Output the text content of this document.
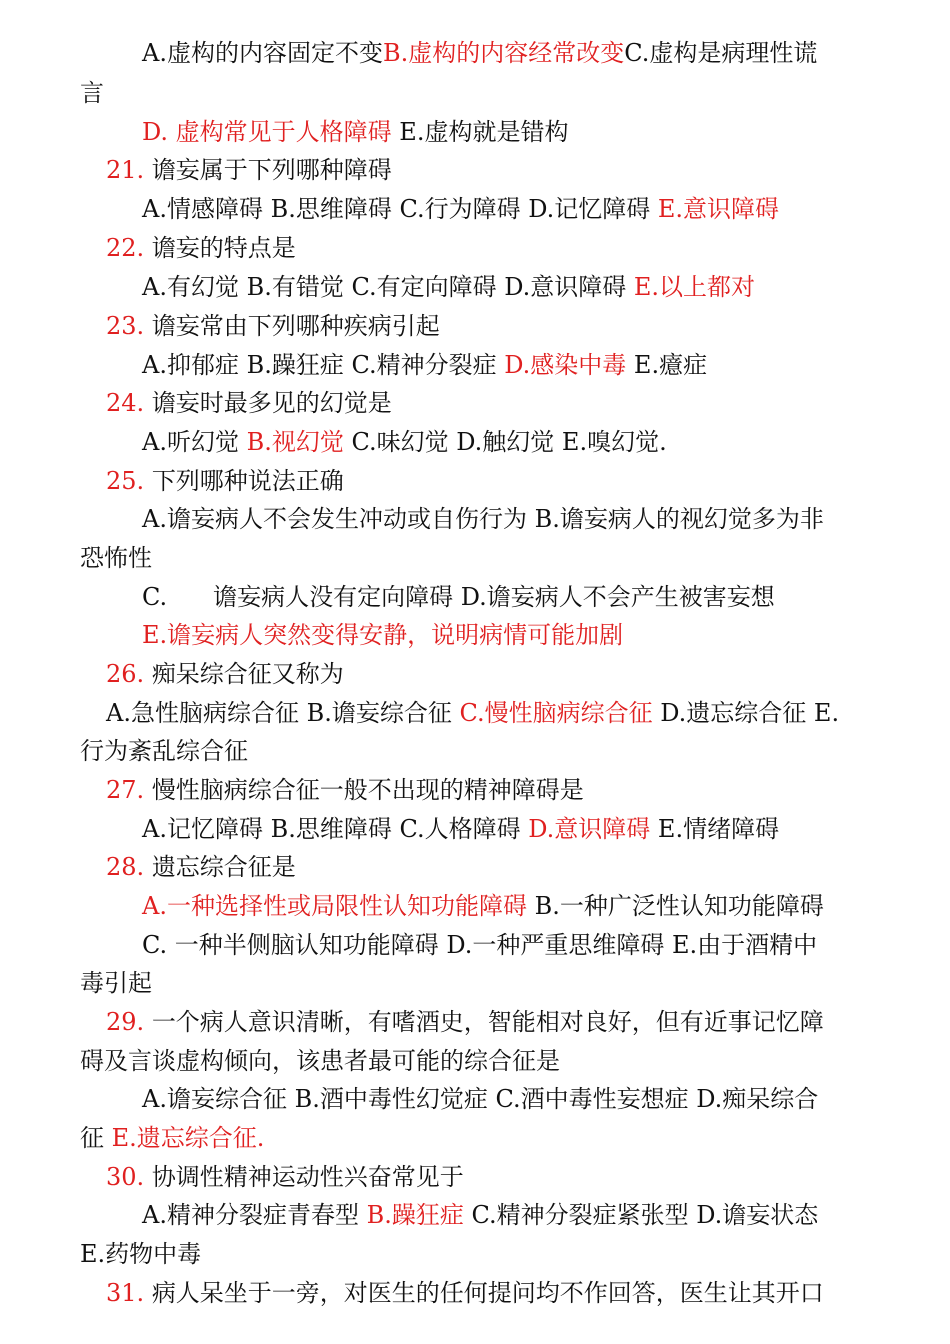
A.虚构的内容固定不变B.虚构的内容经常改变C.虚构是病理性谎
言
D. 虚构常见于人格障碍 E.虚构就是错构
21. 谵妄属于下列哪种障碍
A.情感障碍 B.思维障碍 C.行为障碍 D.记忆障碍 E.意识障碍
22. 谵妄的特点是
A.有幻觉 B.有错觉 C.有定向障碍 D.意识障碍 E.以上都对
23. 谵妄常由下列哪种疾病引起
A.抑郁症 B.躁狂症 C.精神分裂症 D.感染中毒 E.癔症
24. 谵妄时最多见的幻觉是
A.听幻觉 B.视幻觉 C.味幻觉 D.触幻觉 E.嗅幻觉.
25. 下列哪种说法正确
A.谵妄病人不会发生冲动或自伤行为 B.谵妄病人的视幻觉多为非
恐怖性
C. 谵妄病人没有定向障碍 D.谵妄病人不会产生被害妄想
E.谵妄病人突然变得安静，说明病情可能加剧
26. 痴呆综合征又称为
A.急性脑病综合征 B.谵妄综合征 C.慢性脑病综合征 D.遗忘综合征 E.
行为紊乱综合征
27. 慢性脑病综合征一般不出现的精神障碍是
A.记忆障碍 B.思维障碍 C.人格障碍 D.意识障碍 E.情绪障碍
28. 遗忘综合征是
A.一种选择性或局限性认知功能障碍 B.一种广泛性认知功能障碍
C. 一种半侧脑认知功能障碍 D.一种严重思维障碍 E.由于酒精中
毒引起
29. 一个病人意识清晰，有嗜酒史，智能相对良好，但有近事记忆障
碍及言谈虚构倾向，该患者最可能的综合征是
A.谵妄综合征 B.酒中毒性幻觉症 C.酒中毒性妄想症 D.痴呆综合
征 E.遗忘综合征.
30. 协调性精神运动性兴奋常见于
A.精神分裂症青春型 B.躁狂症 C.精神分裂症紧张型 D.谵妄状态
E.药物中毒
31. 病人呆坐于一旁，对医生的任何提问均不作回答，医生让其开口
